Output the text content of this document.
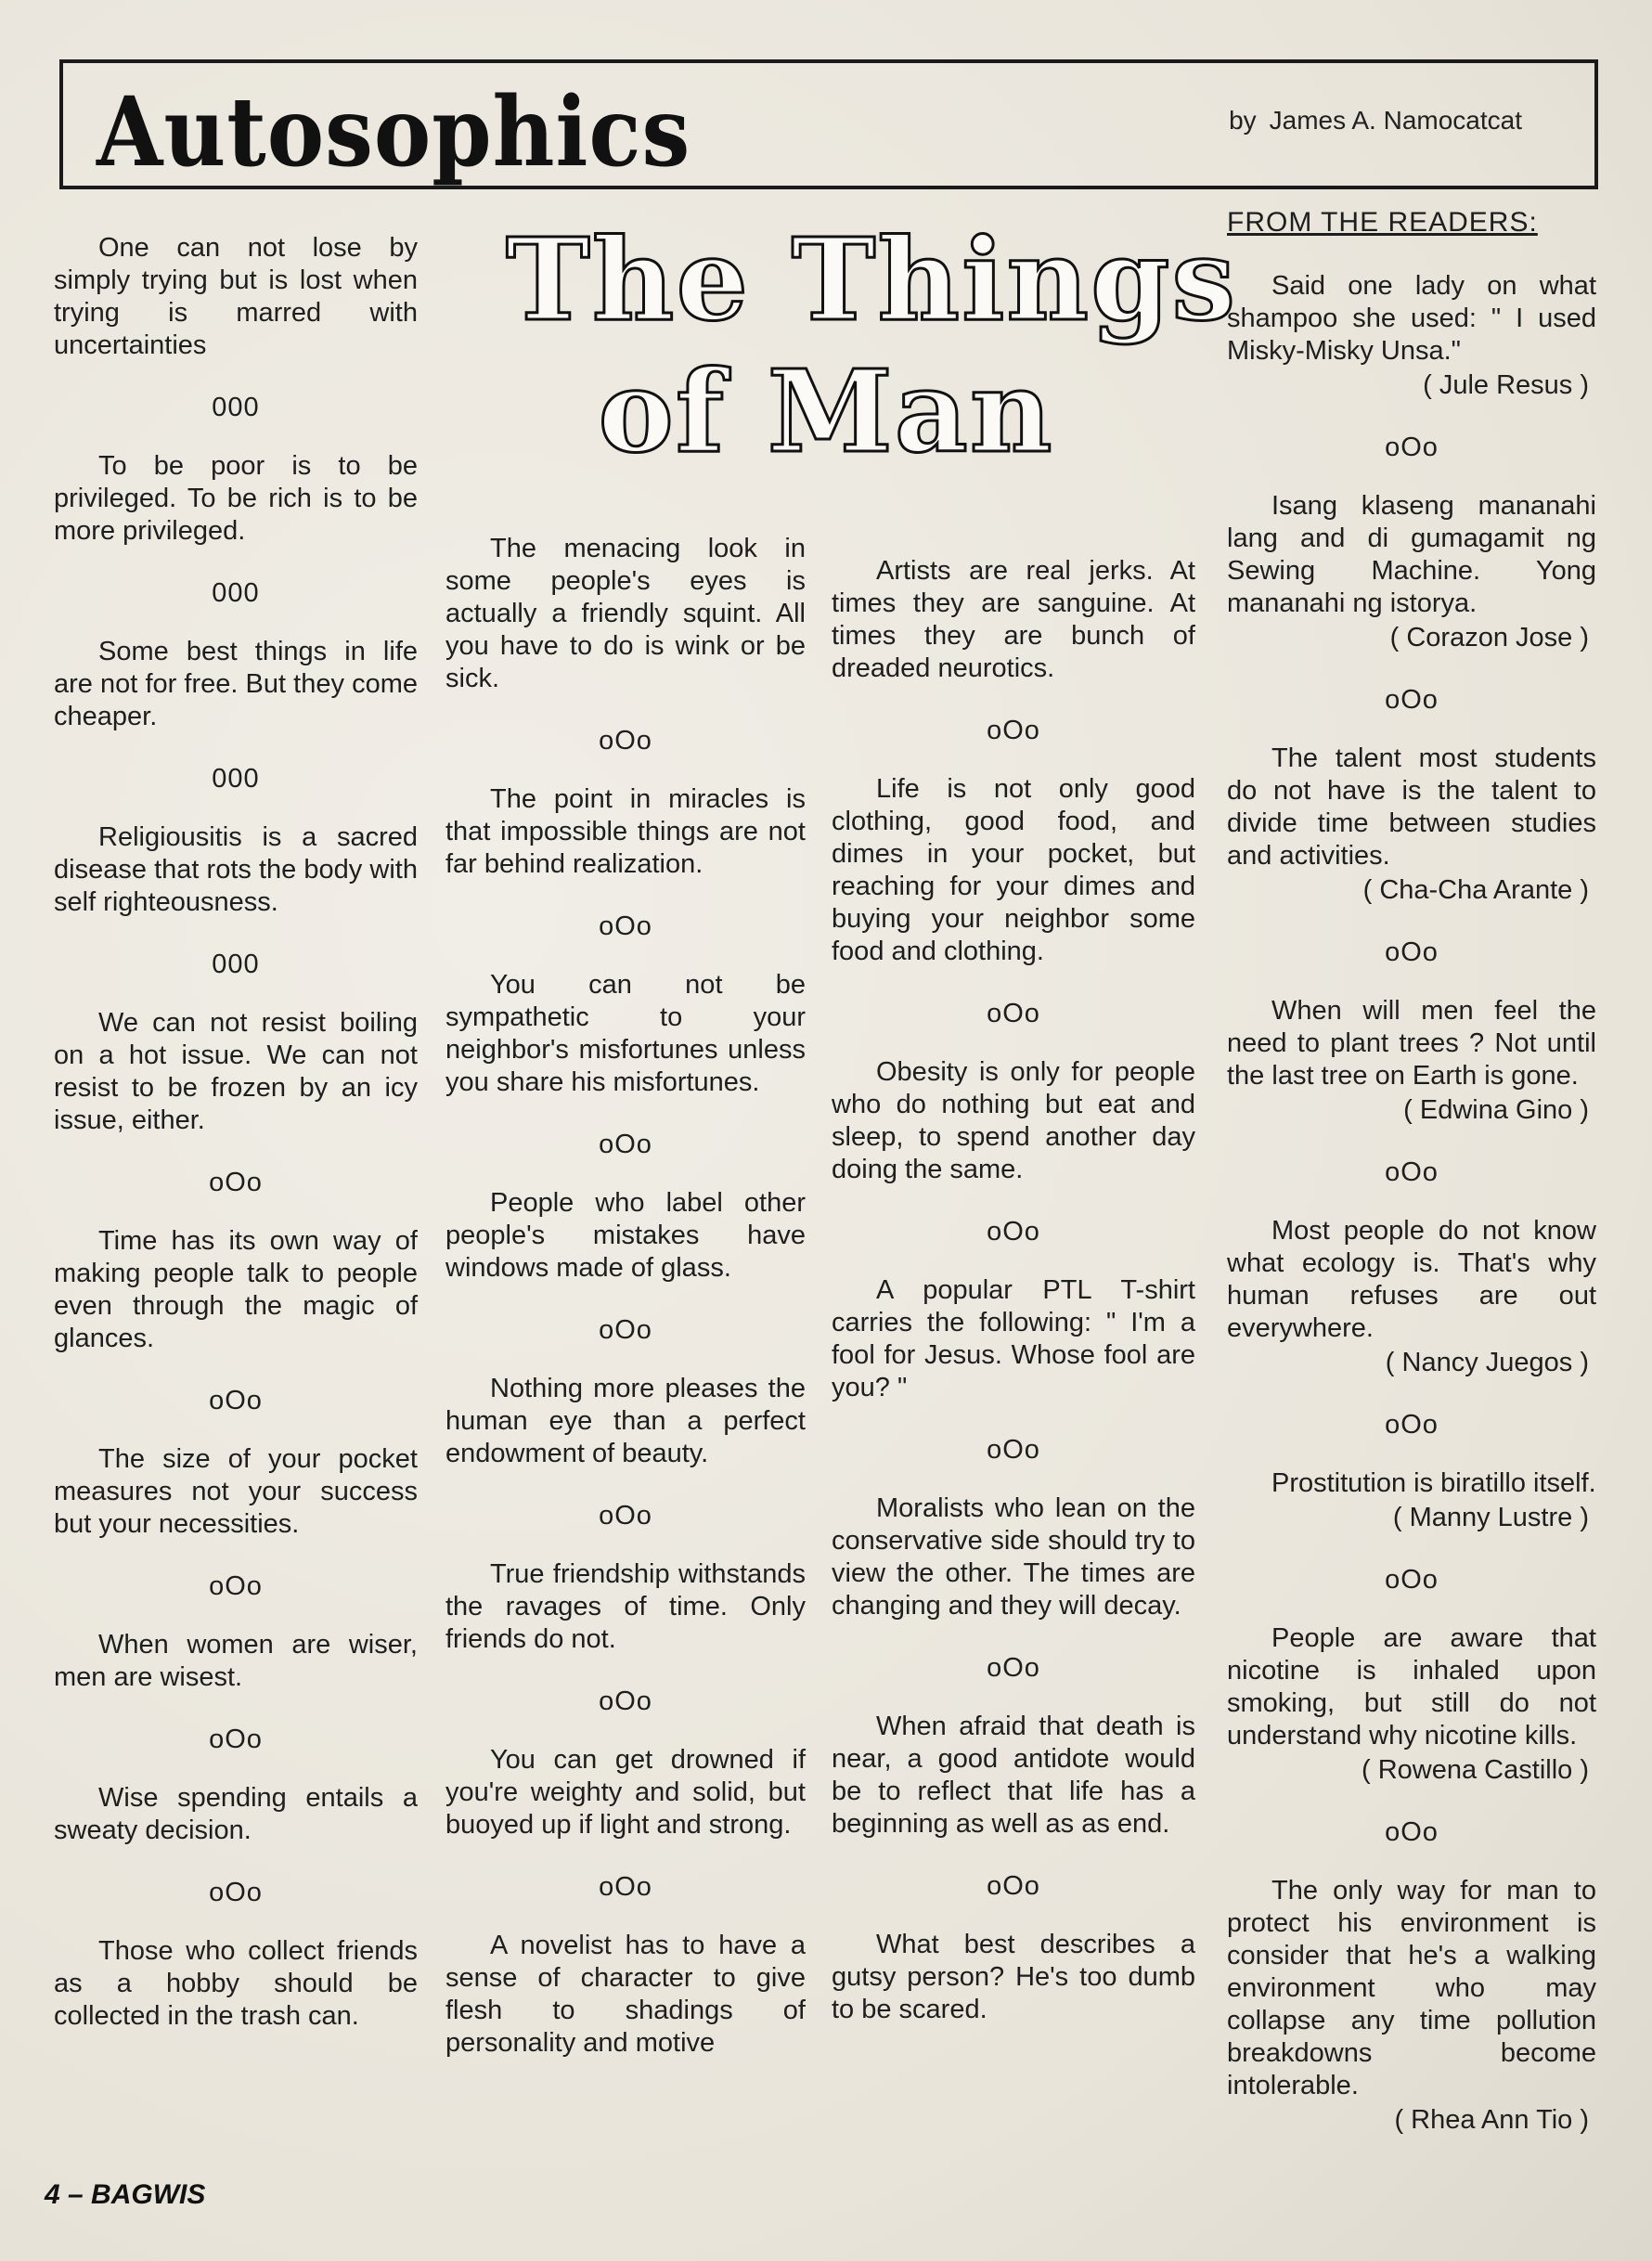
Autosophics	by James A. Namocatcat
The Things
of Man

One can not lose by simply trying but is lost when trying is marred with uncertainties

000

To be poor is to be privileged. To be rich is to be more privileged.

000

Some best things in life are not for free. But they come cheaper.

000

Religiousitis is a sacred disease that rots the body with self righteousness.

000

We can not resist boiling on a hot issue. We can not resist to be frozen by an icy issue, either.

oOo

Time has its own way of making people talk to people even through the magic of glances.

oOo

The size of your pocket measures not your success but your necessities.

oOo

When women are wiser, men are wisest.

oOo

Wise spending entails a sweaty decision.

oOo

Those who collect friends as a hobby should be collected in the trash can.

The menacing look in some people's eyes is actually a friendly squint. All you have to do is wink or be sick.

oOo

The point in miracles is that impossible things are not far behind realization.

oOo

You can not be sympathetic to your neighbor's misfortunes unless you share his misfortunes.

oOo

People who label other people's mistakes have windows made of glass.

oOo

Nothing more pleases the human eye than a perfect endowment of beauty.

oOo

True friendship withstands the ravages of time. Only friends do not.

oOo

You can get drowned if you're weighty and solid, but buoyed up if light and strong.

oOo

A novelist has to have a sense of character to give flesh to shadings of personality and motive

Artists are real jerks. At times they are sanguine. At times they are bunch of dreaded neurotics.

oOo

Life is not only good clothing, good food, and dimes in your pocket, but reaching for your dimes and buying your neighbor some food and clothing.

oOo

Obesity is only for people who do nothing but eat and sleep, to spend another day doing the same.

oOo

A popular PTL T-shirt carries the following: " I'm a fool for Jesus. Whose fool are you? "

oOo

Moralists who lean on the conservative side should try to view the other. The times are changing and they will decay.

oOo

When afraid that death is near, a good antidote would be to reflect that life has a beginning as well as as end.

oOo

What best describes a gutsy person? He's too dumb to be scared.

FROM THE READERS:

Said one lady on what shampoo she used: " I used Misky-Misky Unsa."

( Jule Resus )
oOo

Isang klaseng mananahi lang and di gumagamit ng Sewing Machine. Yong mananahi ng istorya.

( Corazon Jose )
oOo

The talent most students do not have is the talent to divide time between studies and activities.

( Cha-Cha Arante )
oOo

When will men feel the need to plant trees ? Not until the last tree on Earth is gone.

( Edwina Gino )
oOo

Most people do not know what ecology is. That's why human refuses are out everywhere.

( Nancy Juegos )
oOo

Prostitution is biratillo itself.

( Manny Lustre )
oOo

People are aware that nicotine is inhaled upon smoking, but still do not understand why nicotine kills.

( Rowena Castillo )
oOo

The only way for man to protect his environment is consider that he's a walking environment who may collapse any time pollution breakdowns become intolerable.

( Rhea Ann Tio )
4 – BAGWIS
